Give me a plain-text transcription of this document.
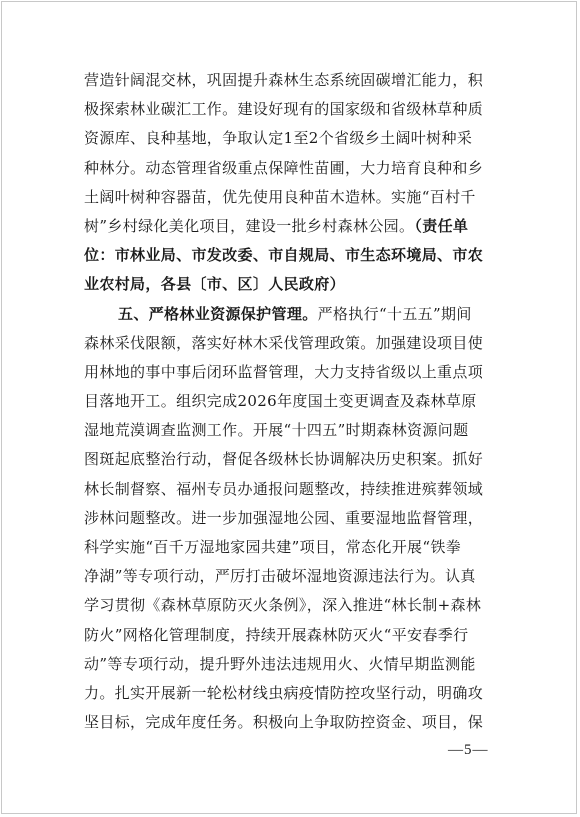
营造针阔混交林，巩固提升森林生态系统固碳增汇能力，积
极探索林业碳汇工作。建设好现有的国家级和省级林草种质
资源库、良种基地，争取认定1至2个省级乡土阔叶树种采
种林分。动态管理省级重点保障性苗圃，大力培育良种和乡
土阔叶树种容器苗，优先使用良种苗木造林。实施“百村千
树”乡村绿化美化项目，建设一批乡村森林公园。（责任单
位：市林业局、市发改委、市自规局、市生态环境局、市农
业农村局，各县〔市、区〕人民政府）
五、严格林业资源保护管理。严格执行“十五五”期间
森林采伐限额，落实好林木采伐管理政策。加强建设项目使
用林地的事中事后闭环监督管理，大力支持省级以上重点项
目落地开工。组织完成2026年度国土变更调查及森林草原
湿地荒漠调查监测工作。开展“十四五”时期森林资源问题
图斑起底整治行动，督促各级林长协调解决历史积案。抓好
林长制督察、福州专员办通报问题整改，持续推进殡葬领域
涉林问题整改。进一步加强湿地公园、重要湿地监督管理，
科学实施“百千万湿地家园共建”项目，常态化开展“铁拳
净湖”等专项行动，严厉打击破坏湿地资源违法行为。认真
学习贯彻《森林草原防灭火条例》，深入推进“林长制+森林
防火”网格化管理制度，持续开展森林防灭火“平安春季行
动”等专项行动，提升野外违法违规用火、火情早期监测能
力。扎实开展新一轮松材线虫病疫情防控攻坚行动，明确攻
坚目标，完成年度任务。积极向上争取防控资金、项目，保
—5—
